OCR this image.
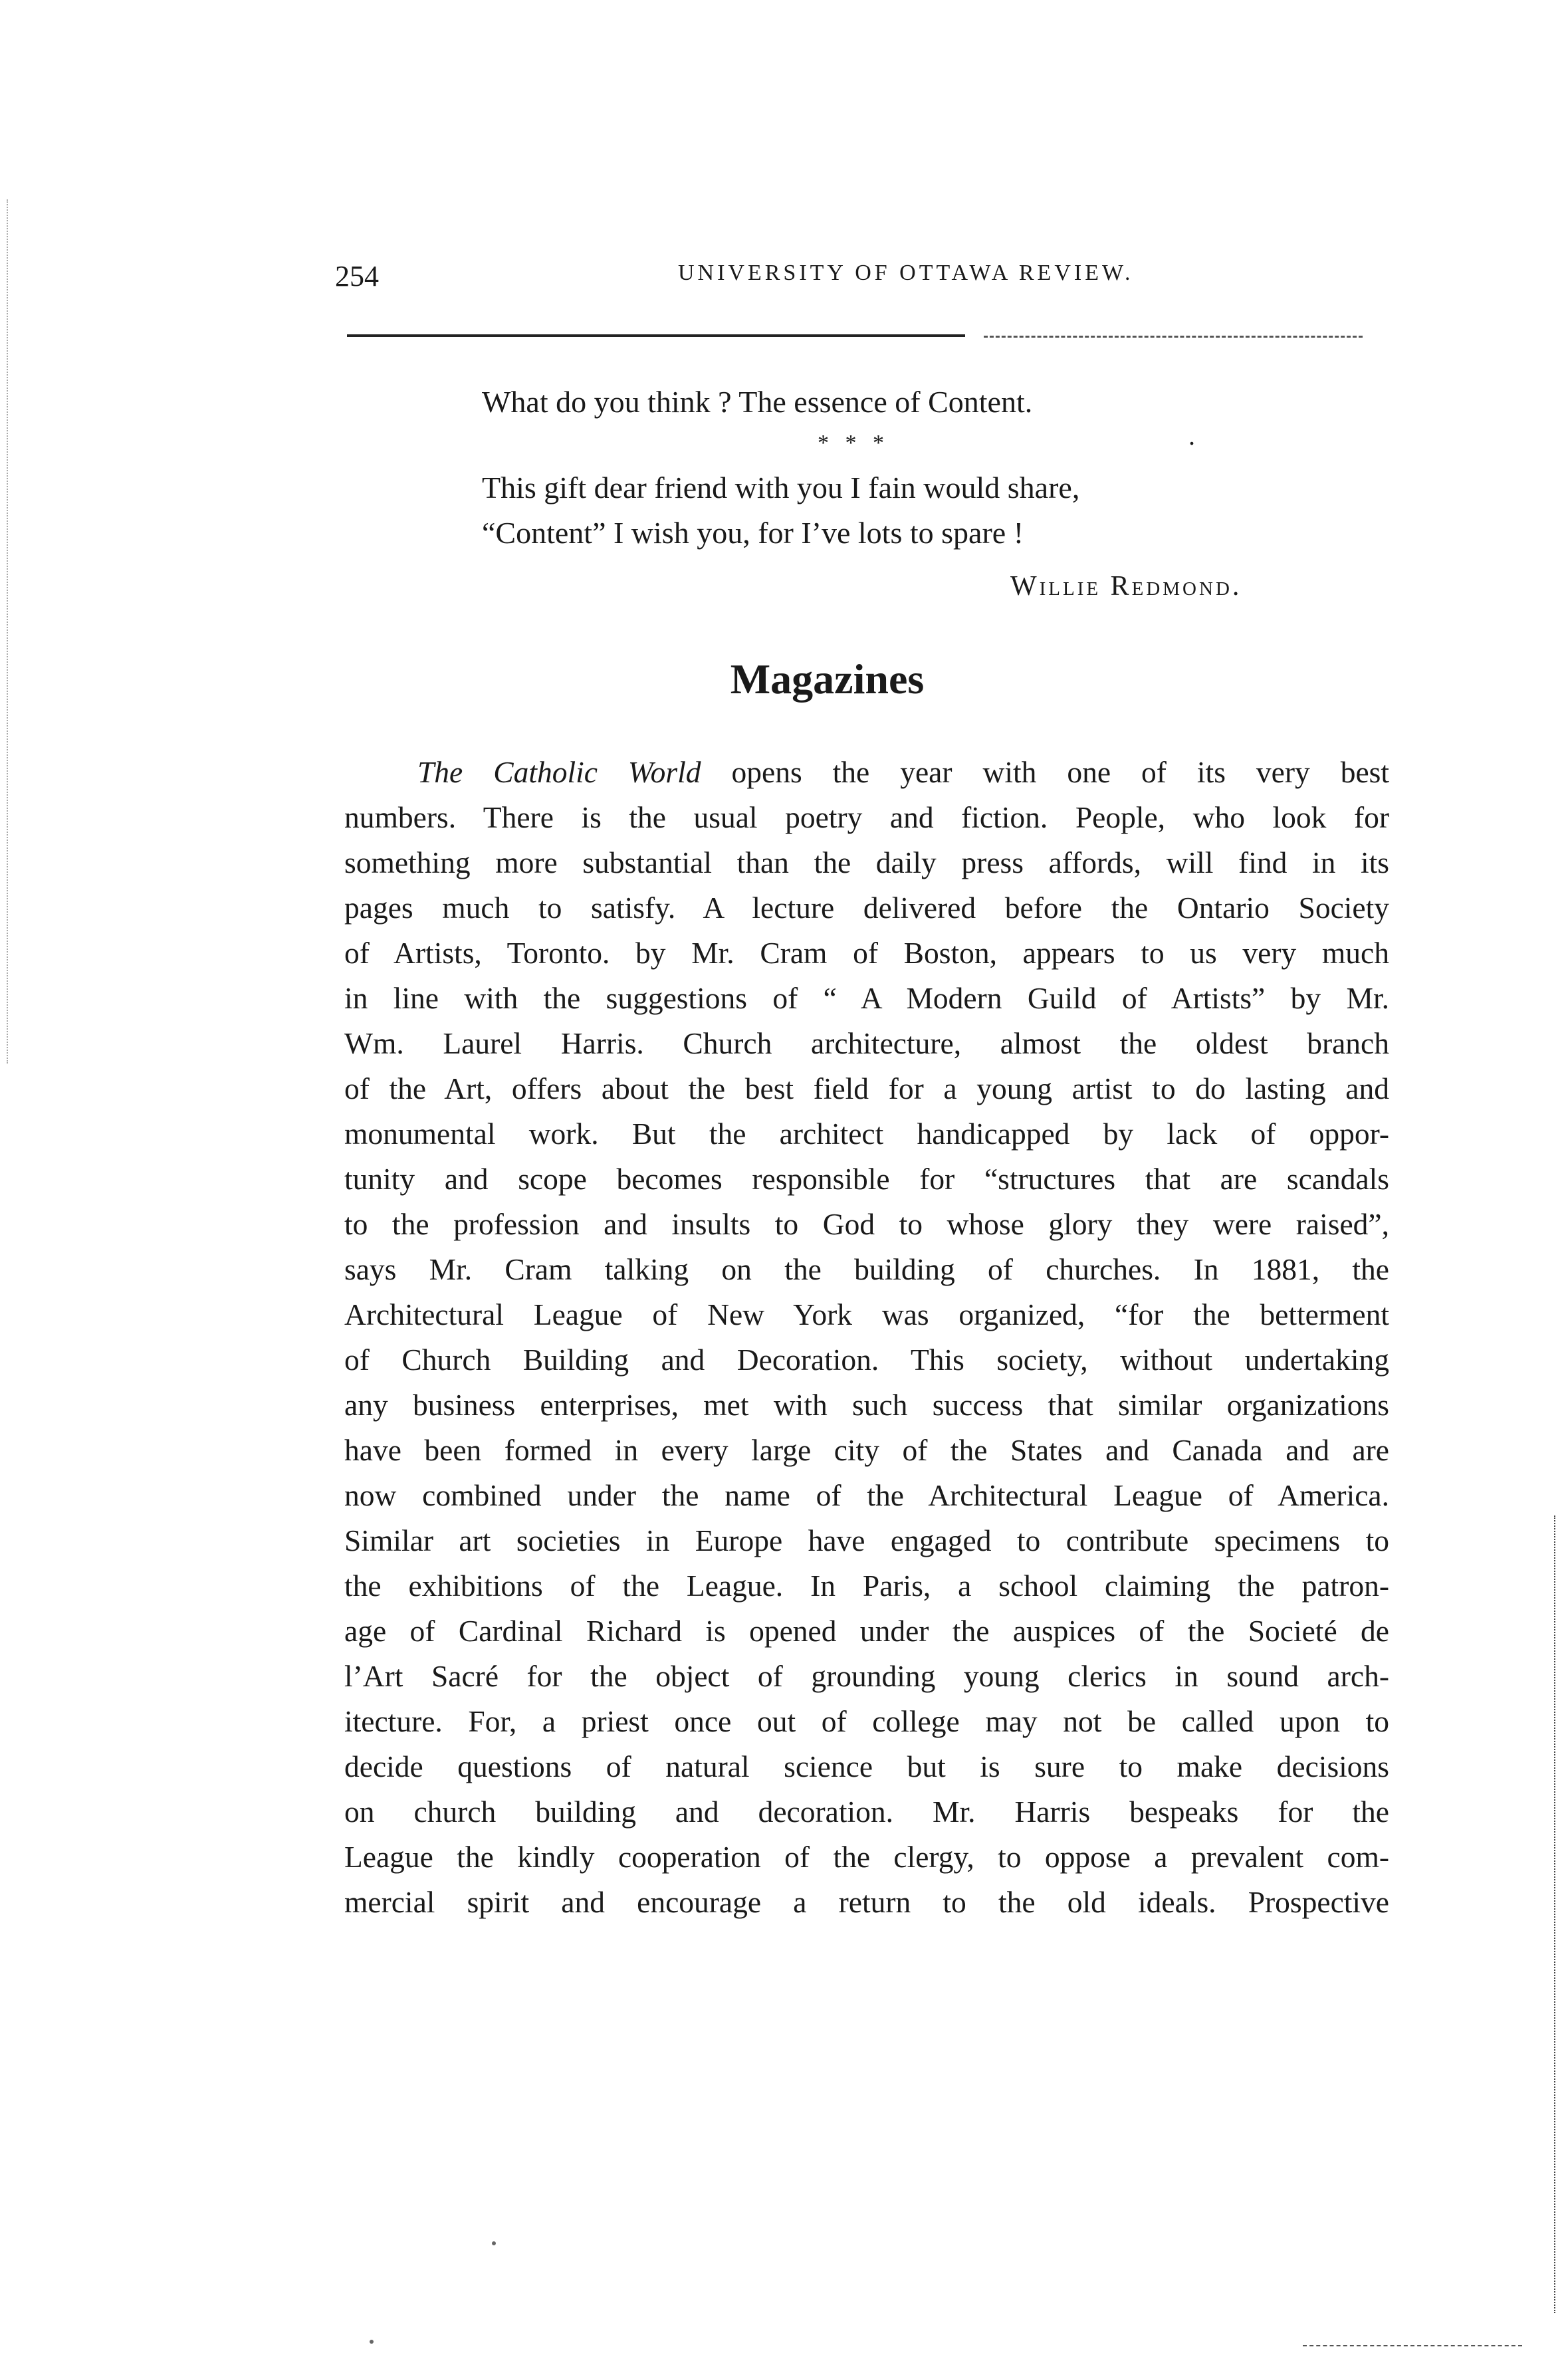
254	UNIVERSITY OF OTTAWA REVIEW.
What do you think ? The essence of Content.
* * *	.
This gift dear friend with you I fain would share,
“Content” I wish you, for I’ve lots to spare !
Willie Redmond.
Magazines
The Catholic World opens the year with one of its very best
numbers. There is the usual poetry and fiction. People, who look for
something more substantial than the daily press affords, will find in its
pages much to satisfy. A lecture delivered before the Ontario Society
of Artists, Toronto. by Mr. Cram of Boston, appears to us very much
in line with the suggestions of “ A Modern Guild of Artists” by Mr.
Wm. Laurel Harris. Church architecture, almost the oldest branch
of the Art, offers about the best field for a young artist to do lasting and
monumental work. But the architect handicapped by lack of oppor-
tunity and scope becomes responsible for “structures that are scandals
to the profession and insults to God to whose glory they were raised”,
says Mr. Cram talking on the building of churches. In 1881, the
Architectural League of New York was organized, “for the betterment
of Church Building and Decoration. This society, without undertaking
any business enterprises, met with such success that similar organizations
have been formed in every large city of the States and Canada and are
now combined under the name of the Architectural League of America.
Similar art societies in Europe have engaged to contribute specimens to
the exhibitions of the League. In Paris, a school claiming the patron-
age of Cardinal Richard is opened under the auspices of the Societé de
l’Art Sacré for the object of grounding young clerics in sound arch-
itecture. For, a priest once out of college may not be called upon to
decide questions of natural science but is sure to make decisions
on church building and decoration. Mr. Harris bespeaks for the
League the kindly cooperation of the clergy, to oppose a prevalent com-
mercial spirit and encourage a return to the old ideals. Prospective
